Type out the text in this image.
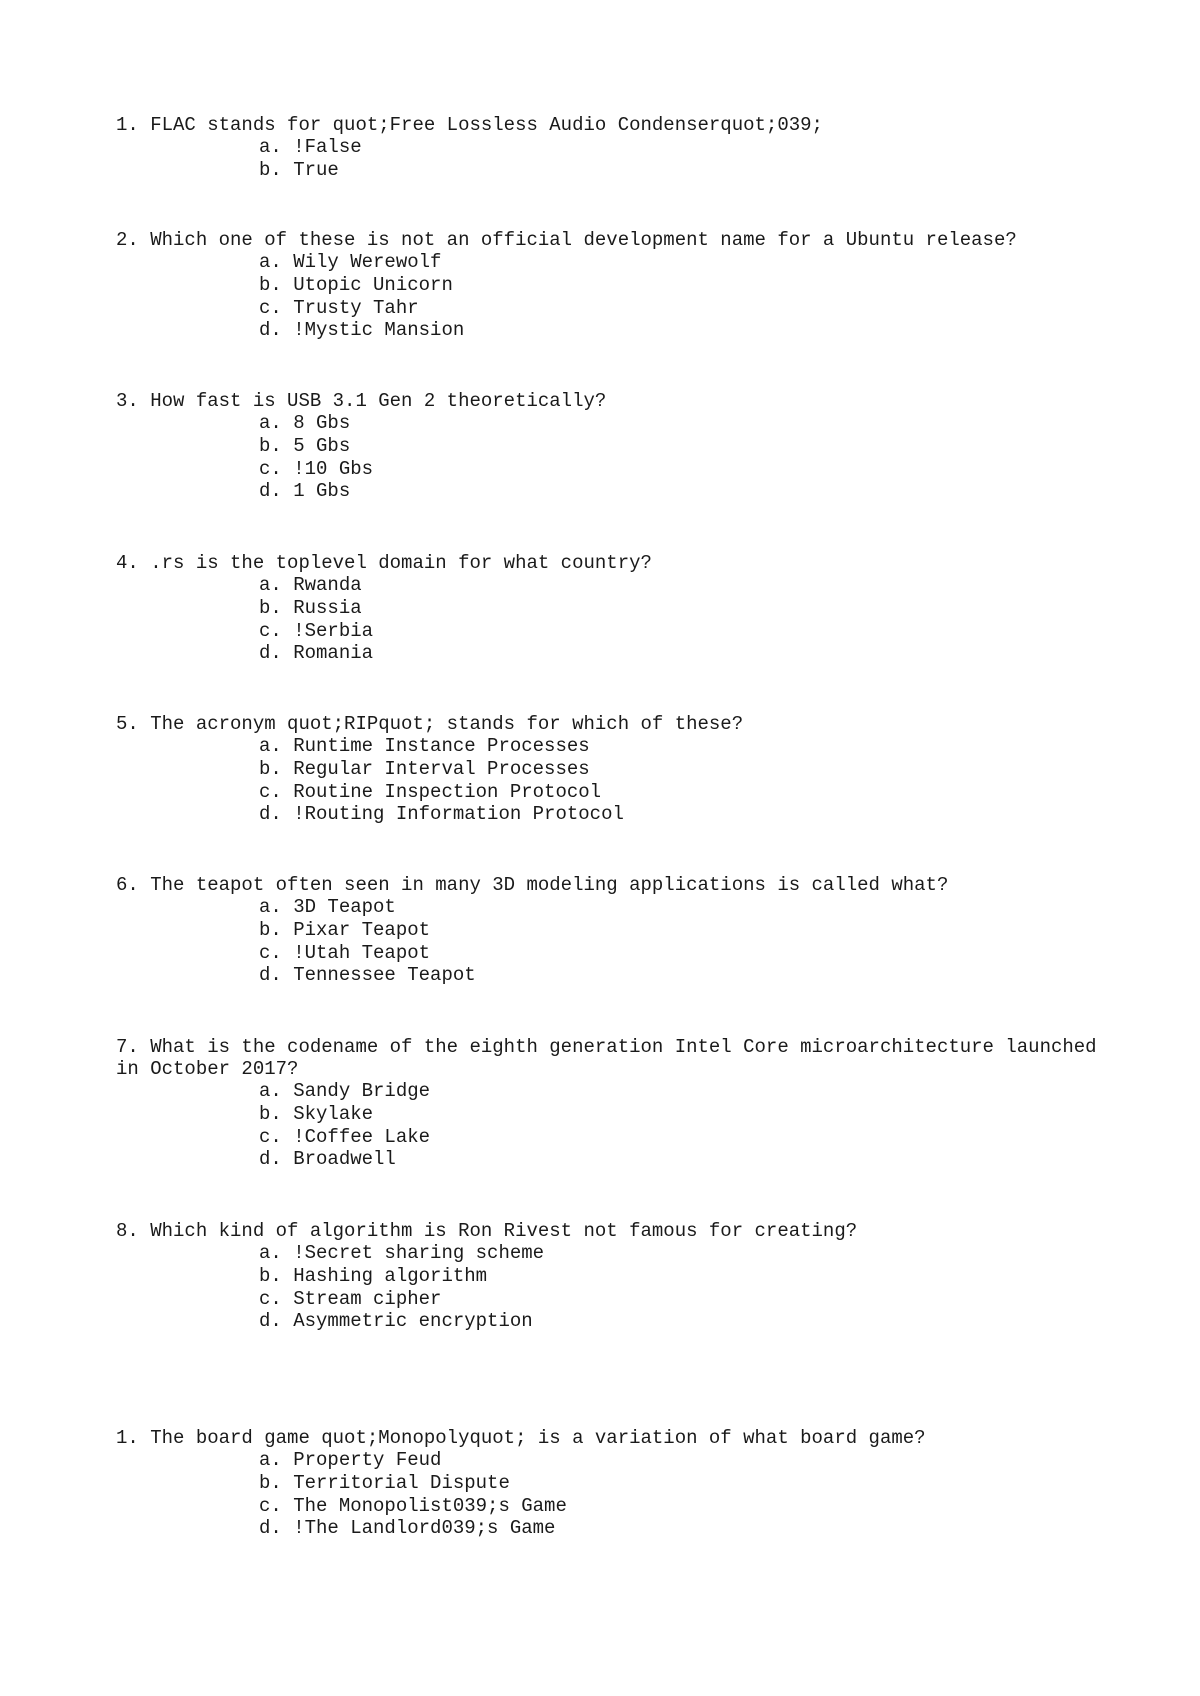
1. FLAC stands for quot;Free Lossless Audio Condenserquot;039;

a. !False
b. True

2. Which one of these is not an official development name for a Ubuntu release?

a. Wily Werewolf
b. Utopic Unicorn
c. Trusty Tahr
d. !Mystic Mansion

3. How fast is USB 3.1 Gen 2 theoretically?

a. 8 Gbs
b. 5 Gbs
c. !10 Gbs
d. 1 Gbs

4. .rs is the toplevel domain for what country?

a. Rwanda
b. Russia
c. !Serbia
d. Romania

5. The acronym quot;RIPquot; stands for which of these?

a. Runtime Instance Processes
b. Regular Interval Processes
c. Routine Inspection Protocol
d. !Routing Information Protocol

6. The teapot often seen in many 3D modeling applications is called what?

a. 3D Teapot
b. Pixar Teapot
c. !Utah Teapot
d. Tennessee Teapot

7. What is the codename of the eighth generation Intel Core microarchitecture launched in October 2017?

a. Sandy Bridge
b. Skylake
c. !Coffee Lake
d. Broadwell

8. Which kind of algorithm is Ron Rivest not famous for creating?

a. !Secret sharing scheme
b. Hashing algorithm
c. Stream cipher
d. Asymmetric encryption

1. The board game quot;Monopolyquot; is a variation of what board game?

a. Property Feud
b. Territorial Dispute
c. The Monopolist039;s Game
d. !The Landlord039;s Game
